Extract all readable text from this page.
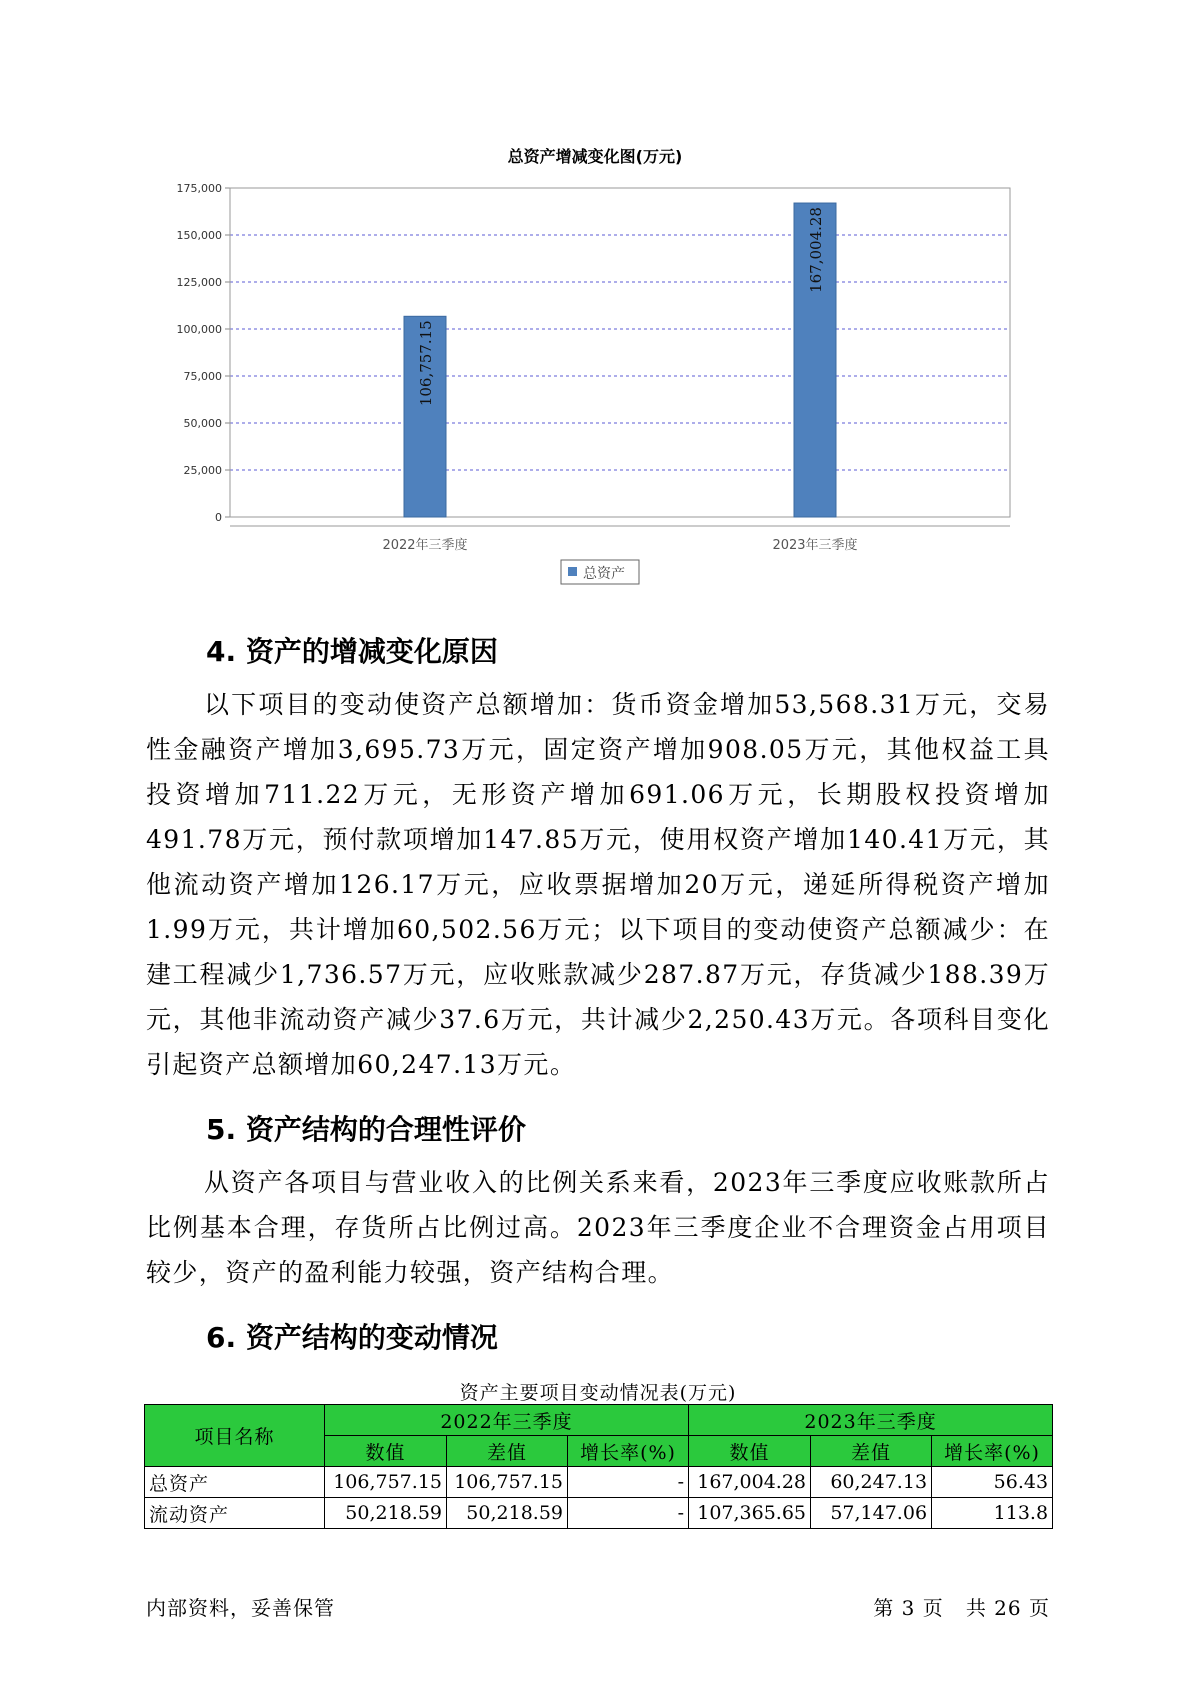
总资产增减变化图(万元)
0
25,000
50,000
75,000
100,000
125,000
150,000
175,000
106,757.15
167,004.28
2022年三季度	2023年三季度
总资产
4. 资产的增减变化原因

以下项目的变动使资产总额增加：货币资金增加53,568.31万元，交易性金融资产增加3,695.73万元，固定资产增加908.05万元，其他权益工具投资增加711.22万元，无形资产增加691.06万元，长期股权投资增加491.78万元，预付款项增加147.85万元，使用权资产增加140.41万元，其他流动资产增加126.17万元，应收票据增加20万元，递延所得税资产增加1.99万元，共计增加60,502.56万元；以下项目的变动使资产总额减少：在建工程减少1,736.57万元，应收账款减少287.87万元，存货减少188.39万元，其他非流动资产减少37.6万元，共计减少2,250.43万元。各项科目变化引起资产总额增加60,247.13万元。

5. 资产结构的合理性评价

从资产各项目与营业收入的比例关系来看，2023年三季度应收账款所占比例基本合理，存货所占比例过高。2023年三季度企业不合理资金占用项目较少，资产的盈利能力较强，资产结构合理。

6. 资产结构的变动情况
资产主要项目变动情况表(万元)
项目名称	2022年三季度			2023年三季度		
	数值	差值	增长率(%)	数值	差值	增长率(%)
总资产	106,757.15	106,757.15	-	167,004.28	60,247.13	56.43
流动资产	50,218.59	50,218.59	-	107,365.65	57,147.06	113.8
内部资料，妥善保管	第 3 页   共 26 页
